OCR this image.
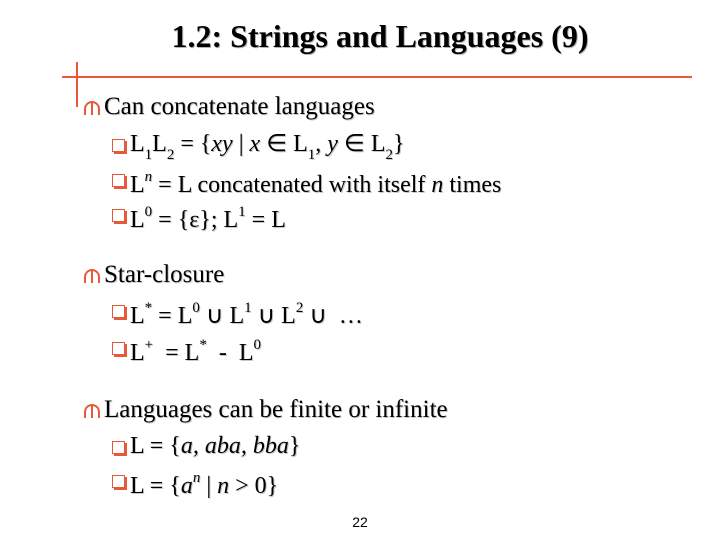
1.2: Strings and Languages (9)
Can concatenate languages
$L_1L_2 = \{xy$ | x ∈ $L_1$, y ∈ $L_2$}
$L^n = L$ concatenated with itself n times
$L^0 = \{\varepsilon\}$; $L^1 = L$
Star-closure
$L^* = L^0$ ∪ $L^1$ ∪ $L^2$ ∪  …
$L^+ = L^* - L^0$
Languages can be finite or infinite
L = {a, aba, bba}
$L = \{a^n$ | n > 0}
22
